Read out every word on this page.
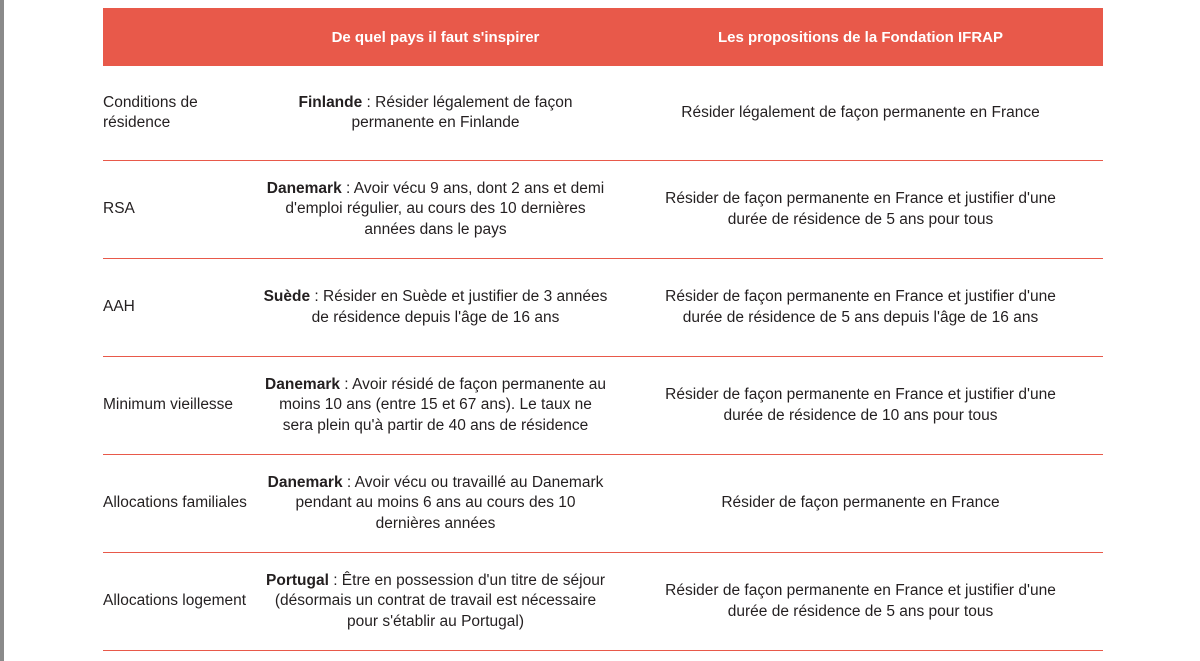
De quel pays il faut s'inspirer	Les propositions de la Fondation IFRAP
Conditions de résidence
Finlande : Résider légalement de façon permanente en Finlande
Résider légalement de façon permanente en France
RSA
Danemark : Avoir vécu 9 ans, dont 2 ans et demi d'emploi régulier, au cours des 10 dernières années dans le pays
Résider de façon permanente en France et justifier d'une durée de résidence de 5 ans pour tous
AAH
Suède : Résider en Suède et justifier de 3 années de résidence depuis l'âge de 16 ans
Résider de façon permanente en France et justifier d'une durée de résidence de 5 ans depuis l'âge de 16 ans
Minimum vieillesse
Danemark : Avoir résidé de façon permanente au moins 10 ans (entre 15 et 67 ans). Le taux ne sera plein qu'à partir de 40 ans de résidence
Résider de façon permanente en France et justifier d'une durée de résidence de 10 ans pour tous
Allocations familiales
Danemark : Avoir vécu ou travaillé au Danemark pendant au moins 6 ans au cours des 10 dernières années
Résider de façon permanente en France
Allocations logement
Portugal : Être en possession d'un titre de séjour (désormais un contrat de travail est nécessaire pour s'établir au Portugal)
Résider de façon permanente en France et justifier d'une durée de résidence de 5 ans pour tous
